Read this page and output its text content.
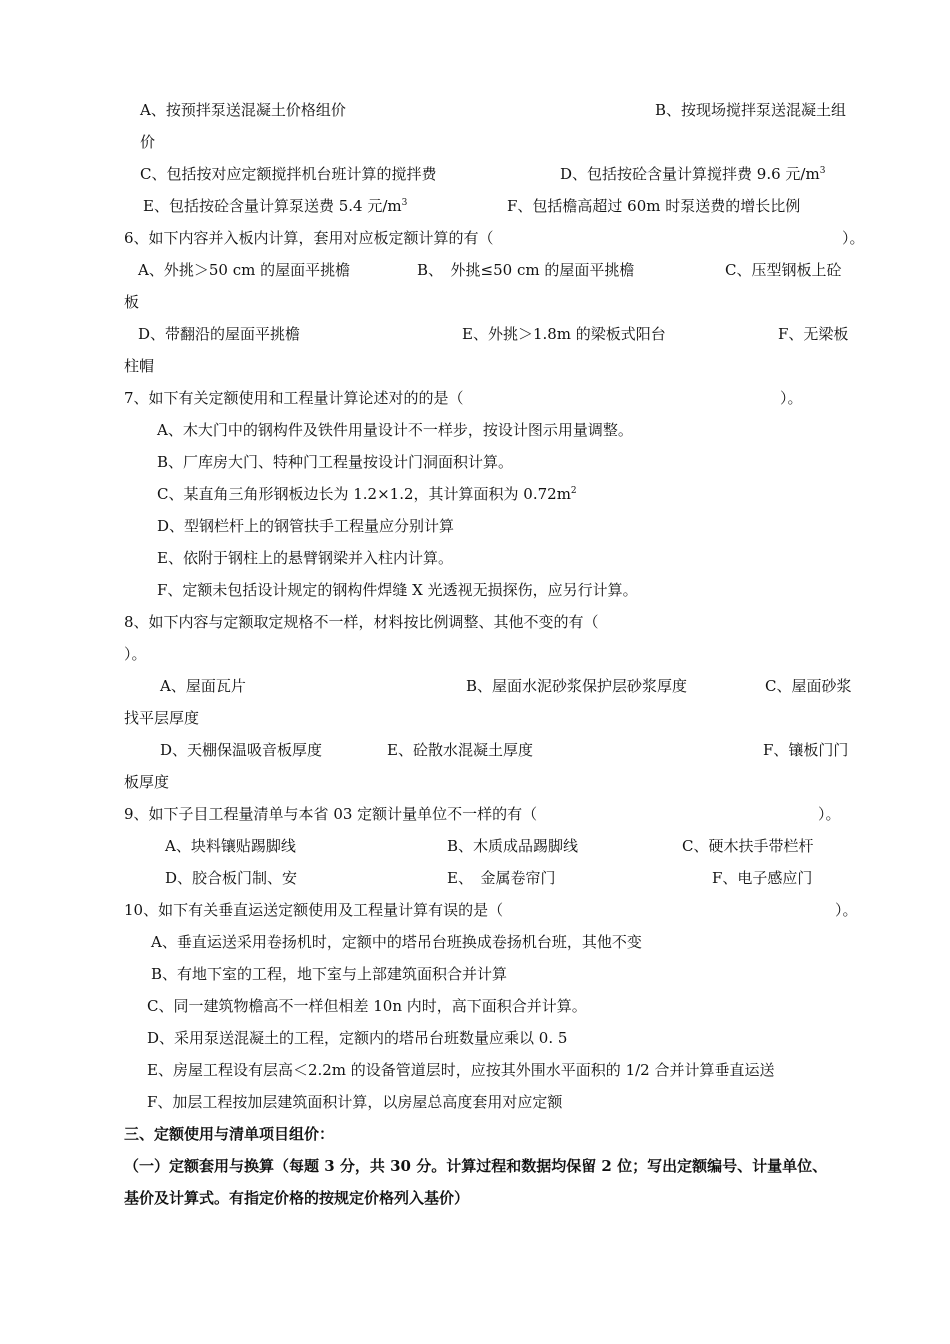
A、按预拌泵送混凝土价格组价	B、按现场搅拌泵送混凝土组
价
C、包括按对应定额搅拌机台班计算的搅拌费	D、包括按砼含量计算搅拌费 9.6 元$/m^3$
E、包括按砼含量计算泵送费 5.4 元$/m^3$	F、包括檐高超过 60m 时泵送费的增长比例
6、如下内容并入板内计算，套用对应板定额计算的有（	）。
A、外挑＞50 cm 的屋面平挑檐	B、　外挑≤50 cm 的屋面平挑檐	C、压型钢板上砼
板
D、带翻沿的屋面平挑檐	E、外挑＞1.8m 的梁板式阳台	F、无梁板
柱帽
7、如下有关定额使用和工程量计算论述对的的是（	）。
A、木大门中的钢构件及铁件用量设计不一样步，按设计图示用量调整。
B、厂库房大门、特种门工程量按设计门洞面积计算。
C、某直角三角形钢板边长为 1.2×1.2，其计算面积为 $0.72m^2$
D、型钢栏杆上的钢管扶手工程量应分别计算
E、依附于钢柱上的悬臂钢梁并入柱内计算。
F、定额未包括设计规定的钢构件焊缝 X 光透视无损探伤，应另行计算。
8、如下内容与定额取定规格不一样，材料按比例调整、其他不变的有（
）。
A、屋面瓦片	B、屋面水泥砂浆保护层砂浆厚度	C、屋面砂浆
找平层厚度
D、天棚保温吸音板厚度	E、砼散水混凝土厚度	F、镶板门门
板厚度
9、如下子目工程量清单与本省 03 定额计量单位不一样的有（	）。
A、块料镶贴踢脚线	B、木质成品踢脚线	C、硬木扶手带栏杆
D、胶合板门制、安	E、　金属卷帘门	F、电子感应门
10、如下有关垂直运送定额使用及工程量计算有误的是（	）。
A、垂直运送采用卷扬机时，定额中的塔吊台班换成卷扬机台班，其他不变
B、有地下室的工程，地下室与上部建筑面积合并计算
C、同一建筑物檐高不一样但相差 10n 内时，高下面积合并计算。
D、采用泵送混凝土的工程，定额内的塔吊台班数量应乘以 0. 5
E、房屋工程设有层高＜2.2m 的设备管道层时，应按其外围水平面积的 1/2 合并计算垂直运送
F、加层工程按加层建筑面积计算，以房屋总高度套用对应定额
三、定额使用与清单项目组价：
（一）定额套用与换算（每题 3 分，共 30 分。计算过程和数据均保留 2 位；写出定额编号、计量单位、
基价及计算式。有指定价格的按规定价格列入基价）
